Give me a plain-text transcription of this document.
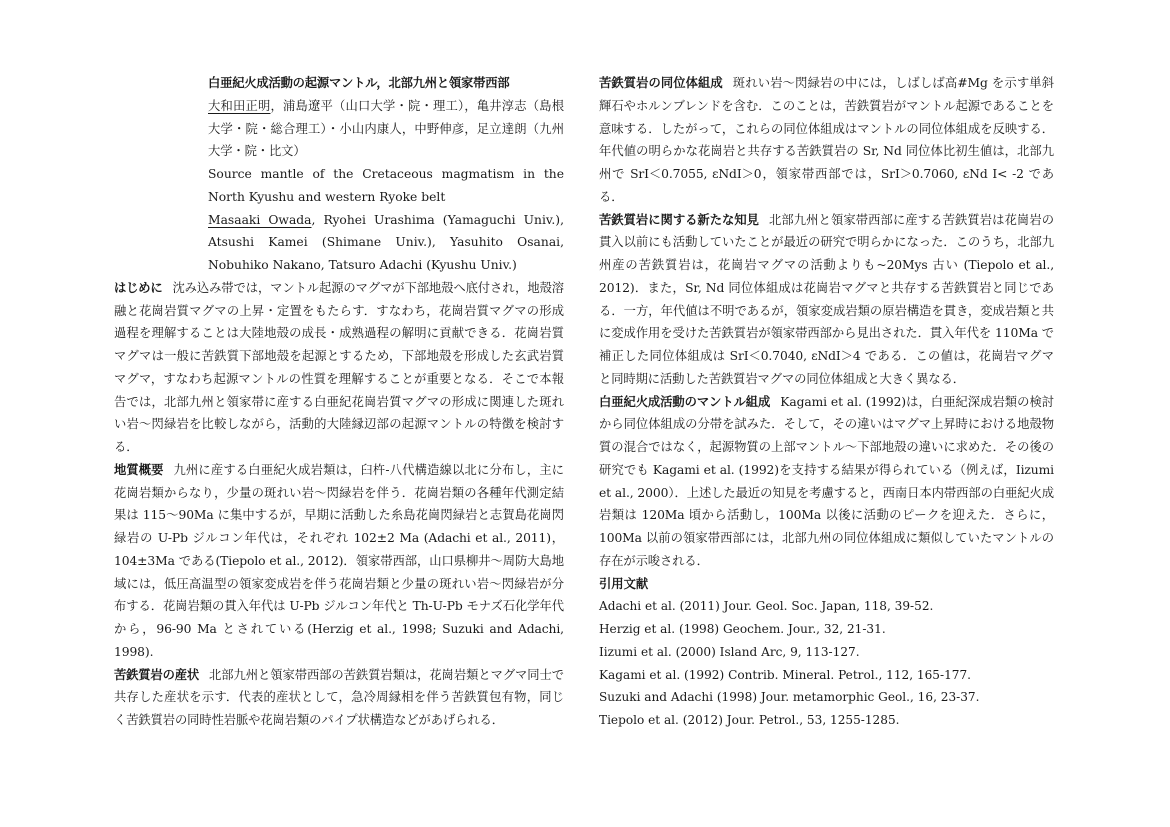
白亜紀火成活動の起源マントル，北部九州と領家帯西部

大和田正明，浦島遼平（山口大学・院・理工），亀井淳志（島根大学・院・総合理工）・小山内康人，中野伸彦，足立達朗（九州大学・院・比文）

Source mantle of the Cretaceous magmatism in the North Kyushu and western Ryoke belt

Masaaki Owada, Ryohei Urashima (Yamaguchi Univ.), Atsushi Kamei (Shimane Univ.), Yasuhito Osanai, Nobuhiko Nakano, Tatsuro Adachi (Kyushu Univ.)

はじめに 沈み込み帯では，マントル起源のマグマが下部地殻へ底付され，地殻溶融と花崗岩質マグマの上昇・定置をもたらす．すなわち，花崗岩質マグマの形成過程を理解することは大陸地殻の成長・成熟過程の解明に貢献できる．花崗岩質マグマは一般に苦鉄質下部地殻を起源とするため，下部地殻を形成した玄武岩質マグマ，すなわち起源マントルの性質を理解することが重要となる．そこで本報告では，北部九州と領家帯に産する白亜紀花崗岩質マグマの形成に関連した斑れい岩～閃緑岩を比較しながら，活動的大陸縁辺部の起源マントルの特徴を検討する．

地質概要 九州に産する白亜紀火成岩類は，臼杵-八代構造線以北に分布し，主に花崗岩類からなり，少量の斑れい岩～閃緑岩を伴う．花崗岩類の各種年代測定結果は 115～90Ma に集中するが，早期に活動した糸島花崗閃緑岩と志賀島花崗閃緑岩の U-Pb ジルコン年代は，それぞれ 102±2 Ma (Adachi et al., 2011)，104±3Ma である(Tiepolo et al., 2012)．領家帯西部，山口県柳井～周防大島地域には，低圧高温型の領家変成岩を伴う花崗岩類と少量の斑れい岩～閃緑岩が分布する．花崗岩類の貫入年代は U-Pb ジルコン年代と Th-U-Pb モナズ石化学年代から，96-90 Ma とされている(Herzig et al., 1998; Suzuki and Adachi, 1998).

苦鉄質岩の産状 北部九州と領家帯西部の苦鉄質岩類は，花崗岩類とマグマ同士で共存した産状を示す．代表的産状として，急冷周縁相を伴う苦鉄質包有物，同じく苦鉄質岩の同時性岩脈や花崗岩類のパイプ状構造などがあげられる．

苦鉄質岩の同位体組成 斑れい岩～閃緑岩の中には，しばしば高#Mg を示す単斜輝石やホルンブレンドを含む．このことは，苦鉄質岩がマントル起源であることを意味する．したがって，これらの同位体組成はマントルの同位体組成を反映する．年代値の明らかな花崗岩と共存する苦鉄質岩の Sr, Nd 同位体比初生値は，北部九州で SrI＜0.7055, εNdI＞0，領家帯西部では，SrI＞0.7060, εNd I< -2 である．

苦鉄質岩に関する新たな知見 北部九州と領家帯西部に産する苦鉄質岩は花崗岩の貫入以前にも活動していたことが最近の研究で明らかになった．このうち，北部九州産の苦鉄質岩は，花崗岩マグマの活動よりも~20Mys 古い (Tiepolo et al., 2012)．また，Sr, Nd 同位体組成は花崗岩マグマと共存する苦鉄質岩と同じである．一方，年代値は不明であるが，領家変成岩類の原岩構造を貫き，変成岩類と共に変成作用を受けた苦鉄質岩が領家帯西部から見出された．貫入年代を 110Ma で補正した同位体組成は SrI＜0.7040, εNdI＞4 である．この値は，花崗岩マグマと同時期に活動した苦鉄質岩マグマの同位体組成と大きく異なる．

白亜紀火成活動のマントル組成 Kagami et al. (1992)は，白亜紀深成岩類の検討から同位体組成の分帯を試みた．そして，その違いはマグマ上昇時における地殻物質の混合ではなく，起源物質の上部マントル～下部地殻の違いに求めた．その後の研究でも Kagami et al. (1992)を支持する結果が得られている（例えば，Iizumi et al., 2000）．上述した最近の知見を考慮すると，西南日本内帯西部の白亜紀火成岩類は 120Ma 頃から活動し，100Ma 以後に活動のピークを迎えた．さらに， 100Ma 以前の領家帯西部には，北部九州の同位体組成に類似していたマントルの存在が示唆される．

引用文献

Adachi et al. (2011) Jour. Geol. Soc. Japan, 118, 39-52.

Herzig et al. (1998) Geochem. Jour., 32, 21-31.

Iizumi et al. (2000) Island Arc, 9, 113-127.

Kagami et al. (1992) Contrib. Mineral. Petrol., 112, 165-177.

Suzuki and Adachi (1998) Jour. metamorphic Geol., 16, 23-37.

Tiepolo et al. (2012) Jour. Petrol., 53, 1255-1285.
